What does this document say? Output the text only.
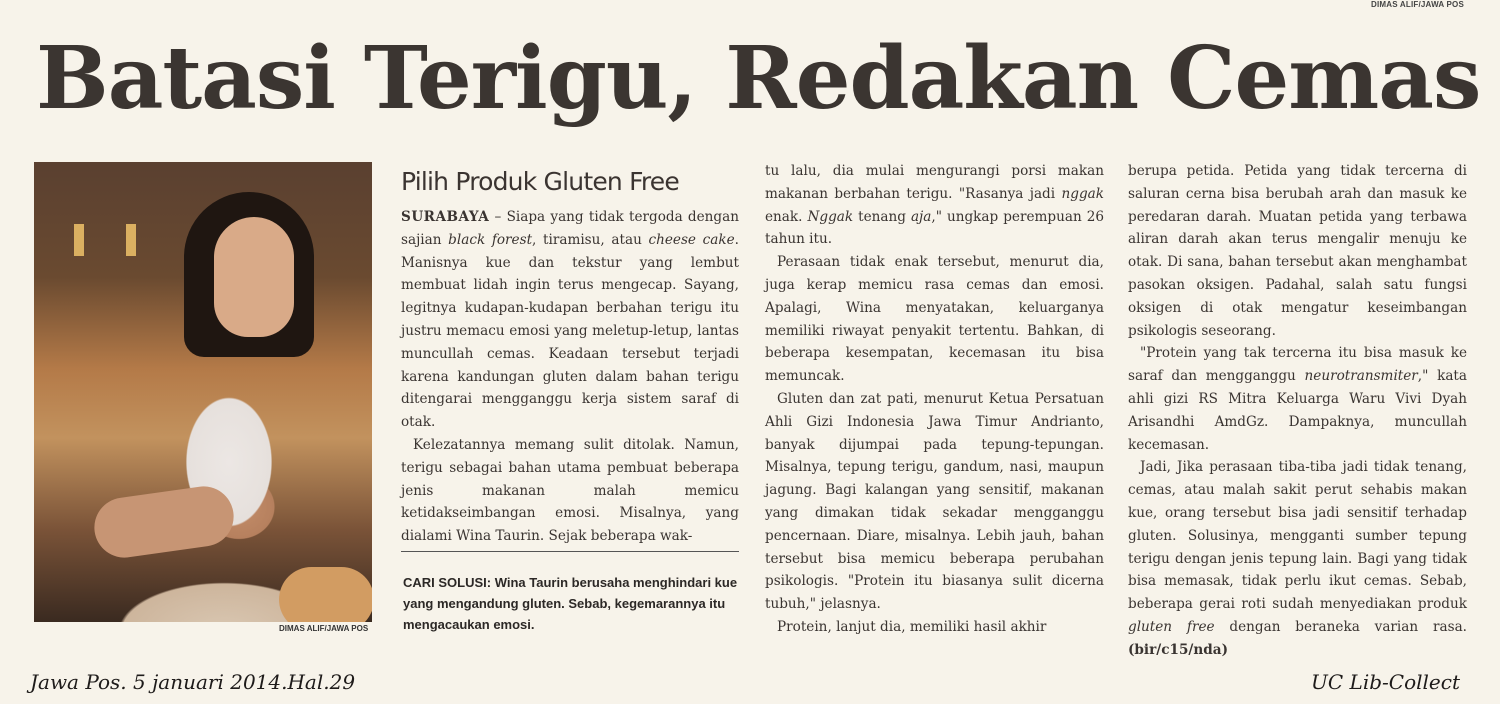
DIMAS ALIF/JAWA POS
Batasi Terigu, Redakan Cemas
DIMAS ALIF/JAWA POS
Pilih Produk Gluten Free

SURABAYA – Siapa yang tidak tergoda dengan sajian black forest, tiramisu, atau cheese cake. Manisnya kue dan tekstur yang lembut membuat lidah ingin terus mengecap. Sayang, legitnya kudapan-kudapan berbahan terigu itu justru memacu emosi yang meletup-letup, lantas muncullah cemas. Keadaan tersebut terjadi karena kandungan gluten dalam bahan terigu ditengarai mengganggu kerja sistem saraf di otak.

Kelezatannya memang sulit ditolak. Namun, terigu sebagai bahan utama pembuat beberapa jenis makanan malah memicu ketidakseimbangan emosi. Misalnya, yang dialami Wina Taurin. Sejak beberapa wak-

CARI SOLUSI: Wina Taurin berusaha menghindari kue yang mengandung gluten. Sebab, kegemarannya itu mengacaukan emosi.

tu lalu, dia mulai mengurangi porsi makan makanan berbahan terigu. "Rasanya jadi nggak enak. Nggak tenang aja," ungkap perempuan 26 tahun itu.

Perasaan tidak enak tersebut, menurut dia, juga kerap memicu rasa cemas dan emosi. Apalagi, Wina menyatakan, keluarganya memiliki riwayat penyakit tertentu. Bahkan, di beberapa kesempatan, kecemasan itu bisa memuncak.

Gluten dan zat pati, menurut Ketua Persatuan Ahli Gizi Indonesia Jawa Timur Andrianto, banyak dijumpai pada tepung-tepungan. Misalnya, tepung terigu, gandum, nasi, maupun jagung. Bagi kalangan yang sensitif, makanan yang dimakan tidak sekadar mengganggu pencernaan. Diare, misalnya. Lebih jauh, bahan tersebut bisa memicu beberapa perubahan psikologis. "Protein itu biasanya sulit dicerna tubuh," jelasnya.

Protein, lanjut dia, memiliki hasil akhir

berupa petida. Petida yang tidak tercerna di saluran cerna bisa berubah arah dan masuk ke peredaran darah. Muatan petida yang terbawa aliran darah akan terus mengalir menuju ke otak. Di sana, bahan tersebut akan menghambat pasokan oksigen. Padahal, salah satu fungsi oksigen di otak mengatur keseimbangan psikologis seseorang.

"Protein yang tak tercerna itu bisa masuk ke saraf dan mengganggu neurotransmiter," kata ahli gizi RS Mitra Keluarga Waru Vivi Dyah Arisandhi AmdGz. Dampaknya, muncullah kecemasan.

Jadi, Jika perasaan tiba-tiba jadi tidak tenang, cemas, atau malah sakit perut sehabis makan kue, orang tersebut bisa jadi sensitif terhadap gluten. Solusinya, mengganti sumber tepung terigu dengan jenis tepung lain. Bagi yang tidak bisa memasak, tidak perlu ikut cemas. Sebab, beberapa gerai roti sudah menyediakan produk gluten free dengan beraneka varian rasa. (bir/c15/nda)

Jawa Pos. 5 januari 2014.Hal.29	UC Lib-Collect
